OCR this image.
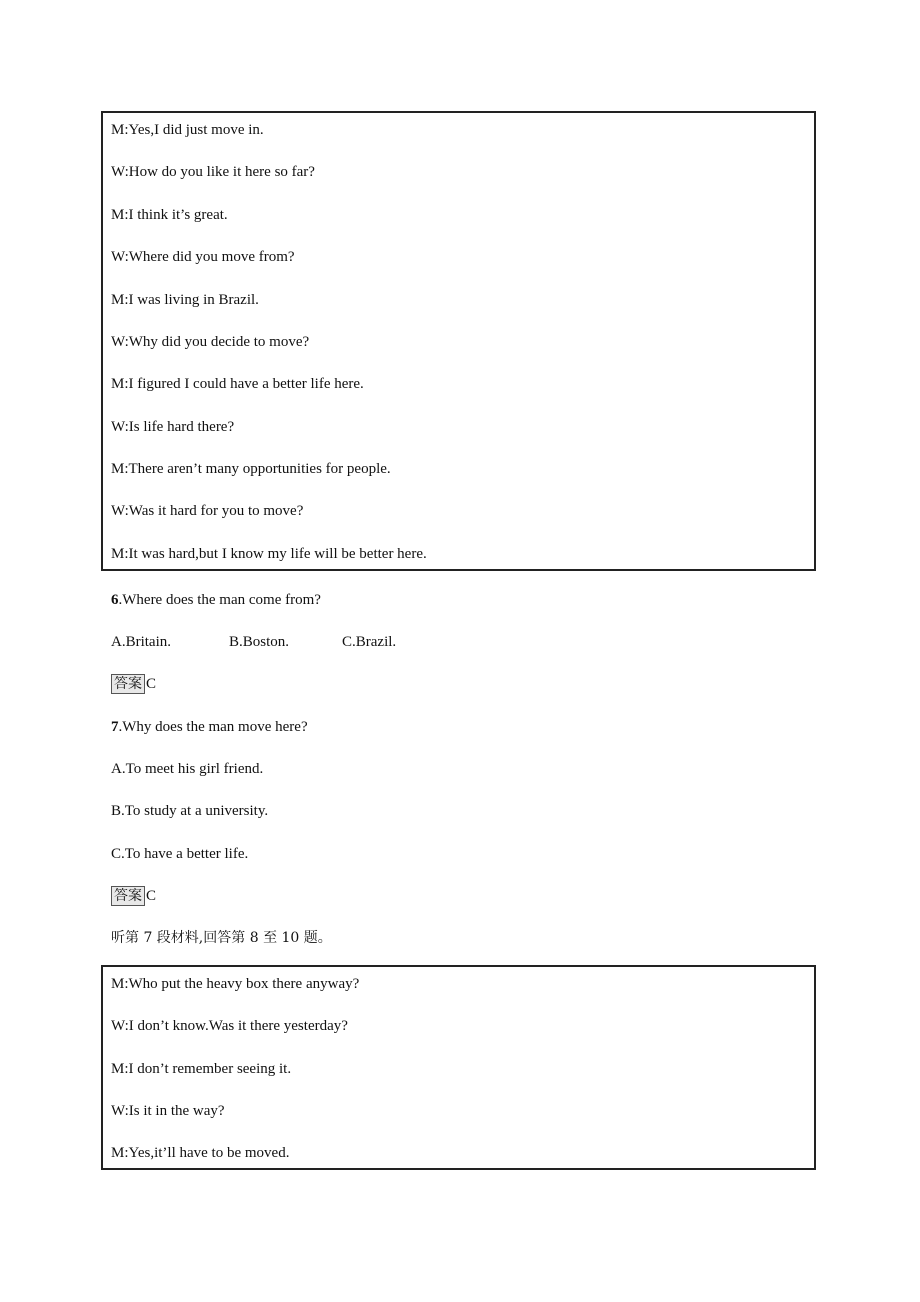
M:Yes,I did just move in.
W:How do you like it here so far?
M:I think it’s great.
W:Where did you move from?
M:I was living in Brazil.
W:Why did you decide to move?
M:I figured I could have a better life here.
W:Is life hard there?
M:There aren’t many opportunities for people.
W:Was it hard for you to move?
M:It was hard,but I know my life will be better here.
6.Where does the man come from?
A.Britain.	B.Boston.	C.Brazil.
答案 C
7.Why does the man move here?
A.To meet his girl friend.
B.To study at a university.
C.To have a better life.
答案 C
听第 7 段材料,回答第 8 至 10 题。
M:Who put the heavy box there anyway?
W:I don’t know.Was it there yesterday?
M:I don’t remember seeing it.
W:Is it in the way?
M:Yes,it’ll have to be moved.
